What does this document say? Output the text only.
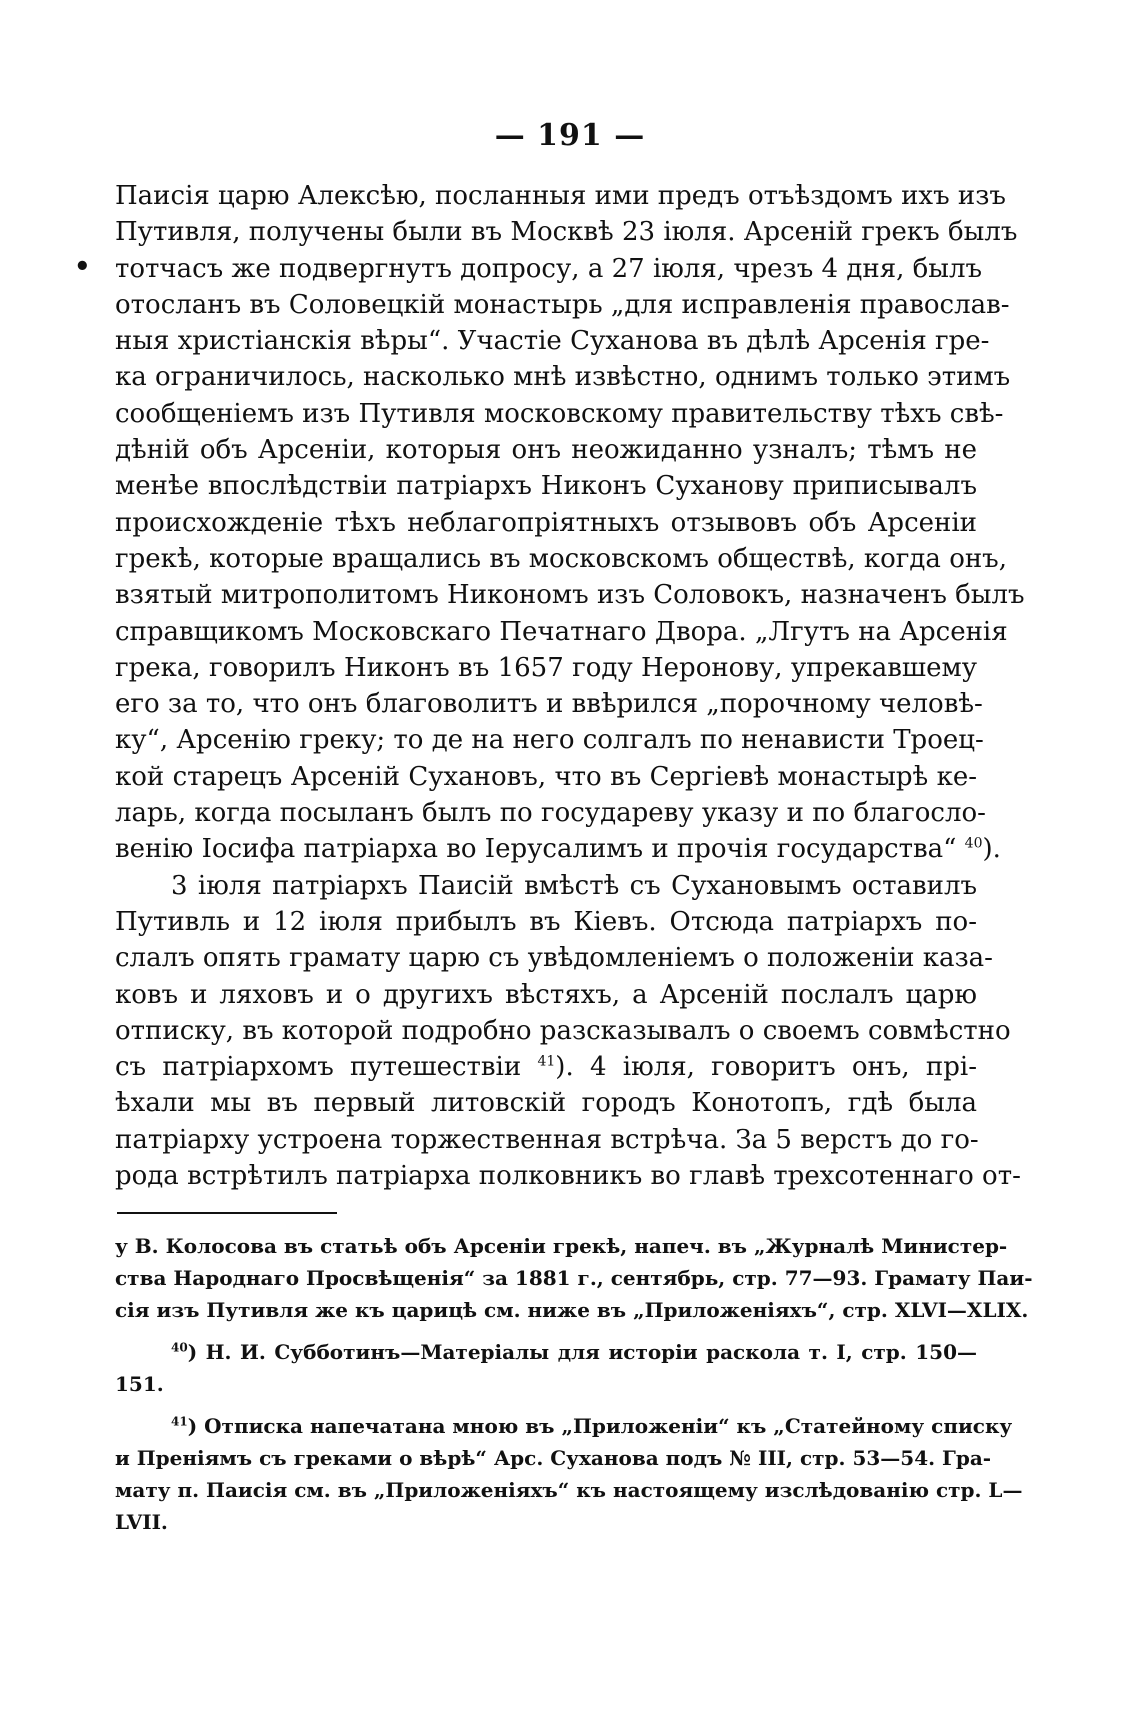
— 191 —
•
Паисія царю Алексѣю, посланныя ими предъ отъѣздомъ ихъ изъ
Путивля, получены были въ Москвѣ 23 іюля. Арсеній грекъ былъ
тотчасъ же подвергнутъ допросу, а 27 іюля, чрезъ 4 дня, былъ
отосланъ въ Соловецкій монастырь „для исправленія православ-
ныя христіанскія вѣры“. Участіе Суханова въ дѣлѣ Арсенія гре-
ка ограничилось, насколько мнѣ извѣстно, однимъ только этимъ
сообщеніемъ изъ Путивля московскому правительству тѣхъ свѣ-
дѣній объ Арсеніи, которыя онъ неожиданно узналъ; тѣмъ не
менѣе впослѣдствіи патріархъ Никонъ Суханову приписывалъ
происхожденіе тѣхъ неблагопріятныхъ отзывовъ объ Арсеніи
грекѣ, которые вращались въ московскомъ обществѣ, когда онъ,
взятый митрополитомъ Никономъ изъ Соловокъ, назначенъ былъ
справщикомъ Московскаго Печатнаго Двора. „Лгутъ на Арсенія
грека, говорилъ Никонъ въ 1657 году Неронову, упрекавшему
его за то, что онъ благоволитъ и ввѣрился „порочному человѣ-
ку“, Арсенію греку; то де на него солгалъ по ненависти Троец-
кой старецъ Арсеній Сухановъ, что въ Сергіевѣ монастырѣ ке-
ларь, когда посыланъ былъ по государеву указу и по благосло-
венію Іосифа патріарха во Іерусалимъ и прочія государства“ $^{40}$).
3 іюля патріархъ Паисій вмѣстѣ съ Сухановымъ оставилъ
Путивль и 12 іюля прибылъ въ Кіевъ. Отсюда патріархъ по-
слалъ опять грамату царю съ увѣдомленіемъ о положеніи каза-
ковъ и ляховъ и о другихъ вѣстяхъ, а Арсеній послалъ царю
отписку, въ которой подробно разсказывалъ о своемъ совмѣстно
съ патріархомъ путешествіи $^{41}$). 4 іюля, говоритъ онъ, прі-
ѣхали мы въ первый литовскій городъ Конотопъ, гдѣ была
патріарху устроена торжественная встрѣча. За 5 верстъ до го-
рода встрѣтилъ патріарха полковникъ во главѣ трехсотеннаго от-
у В. Колосова въ статьѣ объ Арсеніи грекѣ, напеч. въ „Журналѣ Министер-
ства Народнаго Просвѣщенія“ за 1881 г., сентябрь, стр. 77—93. Грамату Паи-
сія изъ Путивля же къ царицѣ см. ниже въ „Приложеніяхъ“, стр. XLVI—XLIX.
$^{40}$) Н. И. Субботинъ—Матеріалы для исторіи раскола т. I, стр. 150—
151.
$^{41}$) Отписка напечатана мною въ „Приложеніи“ къ „Статейному списку
и Преніямъ съ греками о вѣрѣ“ Арс. Суханова подъ № III, стр. 53—54. Гра-
мату п. Паисія см. въ „Приложеніяхъ“ къ настоящему изслѣдованію стр. L—
LVII.
